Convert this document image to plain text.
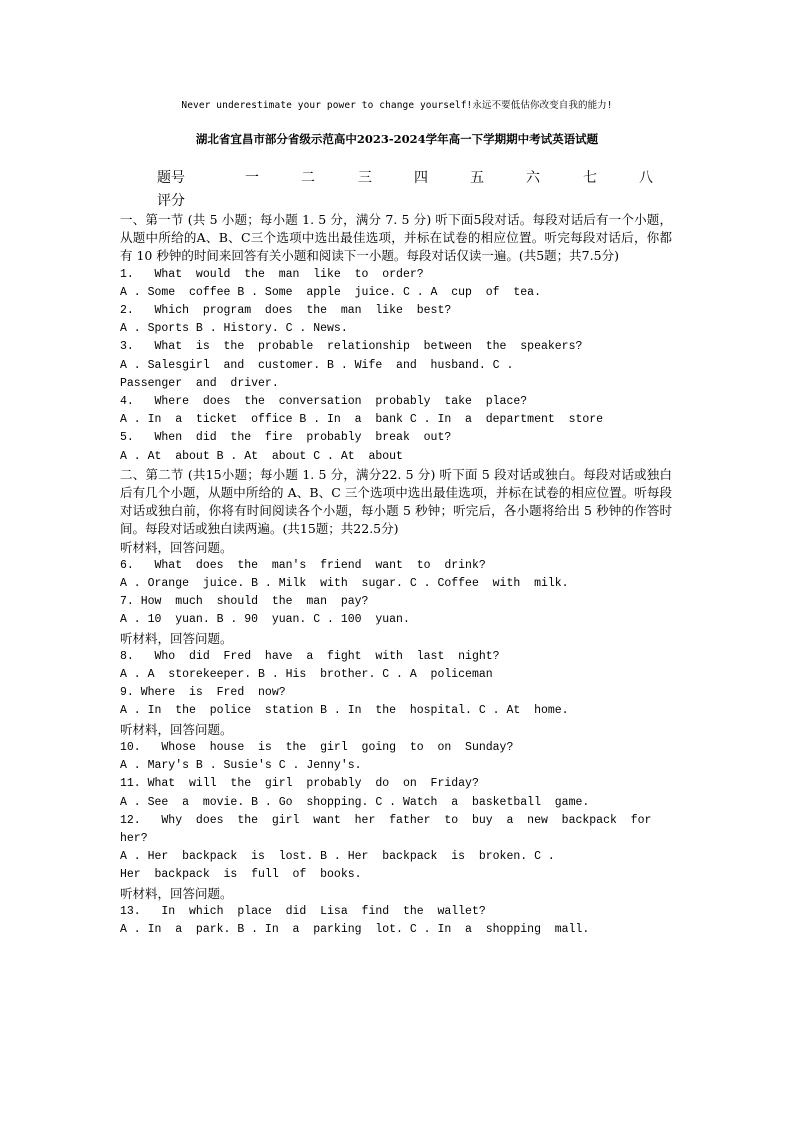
Never underestimate your power to change yourself!永远不要低估你改变自我的能力!
湖北省宜昌市部分省级示范高中2023-2024学年高一下学期期中考试英语试题
题号	一	二	三	四	五	六	七	八
评分

一、第一节 (共 5 小题；每小题 1. 5 分，满分 7. 5 分) 听下面5段对话。每段对话后有一个小题，从题中所给的A、B、C三个选项中选出最佳选项，并标在试卷的相应位置。听完每段对话后，你都有 10 秒钟的时间来回答有关小题和阅读下一小题。每段对话仅读一遍。(共5题；共7.5分)

1.   What  would  the  man  like  to  order?

A . Some  coffee B . Some  apple  juice. C . A  cup  of  tea.

2.   Which  program  does  the  man  like  best?

A . Sports B . History. C . News.

3.   What  is  the  probable  relationship  between  the  speakers?

A . Salesgirl  and  customer. B . Wife  and  husband. C .

Passenger  and  driver.

4.   Where  does  the  conversation  probably  take  place?

A . In  a  ticket  office B . In  a  bank C . In  a  department  store

5.   When  did  the  fire  probably  break  out?

A . At  about B . At  about C . At  about

二、第二节 (共15小题；每小题 1. 5 分，满分22. 5 分) 听下面 5 段对话或独白。每段对话或独白后有几个小题，从题中所给的 A、B、C 三个选项中选出最佳选项，并标在试卷的相应位置。听每段对话或独白前，你将有时间阅读各个小题，每小题 5 秒钟；听完后，各小题将给出 5 秒钟的作答时间。每段对话或独白读两遍。(共15题；共22.5分)

听材料，回答问题。

6.   What  does  the  man's  friend  want  to  drink?

A . Orange  juice. B . Milk  with  sugar. C . Coffee  with  milk.

7. How  much  should  the  man  pay?

A . 10  yuan. B . 90  yuan. C . 100  yuan.

听材料，回答问题。

8.   Who  did  Fred  have  a  fight  with  last  night?

A . A  storekeeper. B . His  brother. C . A  policeman

9. Where  is  Fred  now?

A . In  the  police  station B . In  the  hospital. C . At  home.

听材料，回答问题。

10.   Whose  house  is  the  girl  going  to  on  Sunday?

A . Mary's B . Susie's C . Jenny's.

11. What  will  the  girl  probably  do  on  Friday?

A . See  a  movie. B . Go  shopping. C . Watch  a  basketball  game.

12.   Why  does  the  girl  want  her  father  to  buy  a  new  backpack  for

her?

A . Her  backpack  is  lost. B . Her  backpack  is  broken. C .

Her  backpack  is  full  of  books.

听材料，回答问题。

13.   In  which  place  did  Lisa  find  the  wallet?

A . In  a  park. B . In  a  parking  lot. C . In  a  shopping  mall.
